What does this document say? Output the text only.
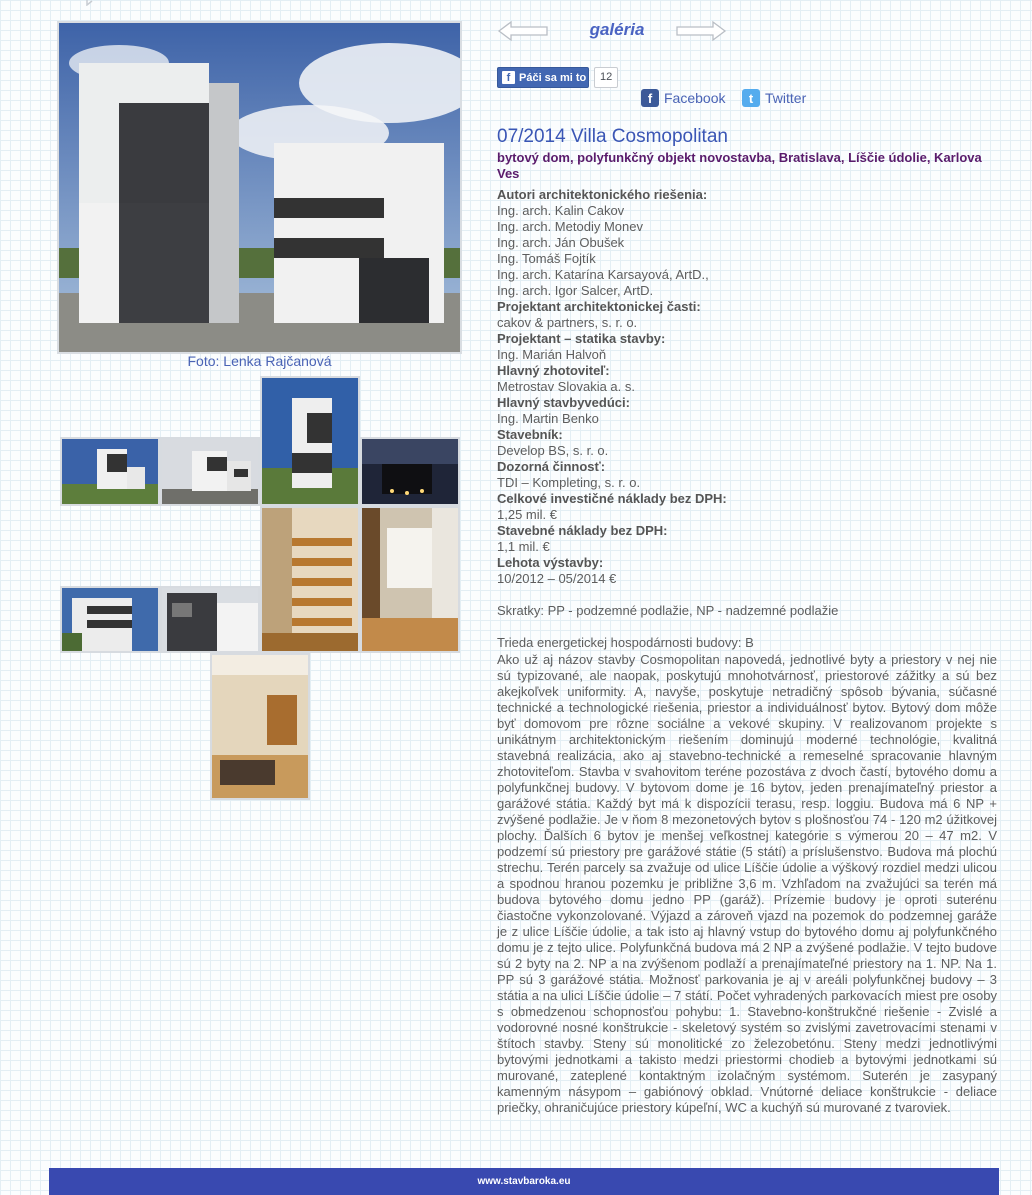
Foto: Lenka Rajčanová
galéria
f Páči sa mi to	12
f Facebook	t Twitter
07/2014 Villa Cosmopolitan
bytový dom, polyfunkčný objekt novostavba, Bratislava, Líščie údolie, Karlova Ves
Autori architektonického riešenia:
Ing. arch. Kalin Cakov
Ing. arch. Metodiy Monev
Ing. arch. Ján Obušek
Ing. Tomáš Fojtík
Ing. arch. Katarína Karsayová, ArtD.,
Ing. arch. Igor Salcer, ArtD.
Projektant architektonickej časti:
cakov & partners, s. r. o.
Projektant – statika stavby:
Ing. Marián Halvoň
Hlavný zhotoviteľ:
Metrostav Slovakia a. s.
Hlavný stavbyvedúci:
Ing. Martin Benko
Stavebník:
Develop BS, s. r. o.
Dozorná činnosť:
TDI – Kompleting, s. r. o.
Celkové investičné náklady bez DPH:
1,25 mil. €
Stavebné náklady bez DPH:
1,1 mil. €
Lehota výstavby:
10/2012 – 05/2014 €
Skratky: PP - podzemné podlažie, NP - nadzemné podlažie
Trieda energetickej hospodárnosti budovy: B
Ako už aj názov stavby Cosmopolitan napovedá, jednotlivé byty a priestory v nej nie sú typizované, ale naopak, poskytujú mnohotvárnosť, priestorové zážitky a sú bez akejkoľvek uniformity. A, navyše, poskytuje netradičný spôsob bývania, súčasné technické a technologické riešenia, priestor a individuálnosť bytov. Bytový dom môže byť domovom pre rôzne sociálne a vekové skupiny. V realizovanom projekte s unikátnym architektonickým riešením dominujú moderné technológie, kvalitná stavebná realizácia, ako aj stavebno-technické a remeselné spracovanie hlavným zhotoviteľom. Stavba v svahovitom teréne pozostáva z dvoch častí, bytového domu a polyfunkčnej budovy. V bytovom dome je 16 bytov, jeden prenajímateľný priestor a garážové státia. Každý byt má k dispozícii terasu, resp. loggiu. Budova má 6 NP + zvýšené podlažie. Je v ňom 8 mezonetových bytov s plošnosťou 74 - 120 m2 úžitkovej plochy. Ďalších 6 bytov je menšej veľkostnej kategórie s výmerou 20 – 47 m2. V podzemí sú priestory pre garážové státie (5 státí) a príslušenstvo. Budova má plochú strechu. Terén parcely sa zvažuje od ulice Líščie údolie a výškový rozdiel medzi ulicou a spodnou hranou pozemku je približne 3,6 m. Vzhľadom na zvažujúci sa terén má budova bytového domu jedno PP (garáž). Prízemie budovy je oproti suterénu čiastočne vykonzolované. Výjazd a zároveň vjazd na pozemok do podzemnej garáže je z ulice Líščie údolie, a tak isto aj hlavný vstup do bytového domu aj polyfunkčného domu je z tejto ulice. Polyfunkčná budova má 2 NP a zvýšené podlažie. V tejto budove sú 2 byty na 2. NP a na zvýšenom podlaží a prenajímateľné priestory na 1. NP. Na 1. PP sú 3 garážové státia. Možnosť parkovania je aj v areáli polyfunkčnej budovy – 3 státia a na ulici Líščie údolie – 7 státí. Počet vyhradených parkovacích miest pre osoby s obmedzenou schopnosťou pohybu: 1. Stavebno-konštrukčné riešenie - Zvislé a vodorovné nosné konštrukcie - skeletový systém so zvislými zavetrovacími stenami v štítoch stavby. Steny sú monolitické zo železobetónu. Steny medzi jednotlivými bytovými jednotkami a takisto medzi priestormi chodieb a bytovými jednotkami sú murované, zateplené kontaktným izolačným systémom. Suterén je zasypaný kamenným násypom – gabiónový obklad. Vnútorné deliace konštrukcie - deliace priečky, ohraničujúce priestory kúpeľní, WC a kuchýň sú murované z tvaroviek.
www.stavbaroka.eu
